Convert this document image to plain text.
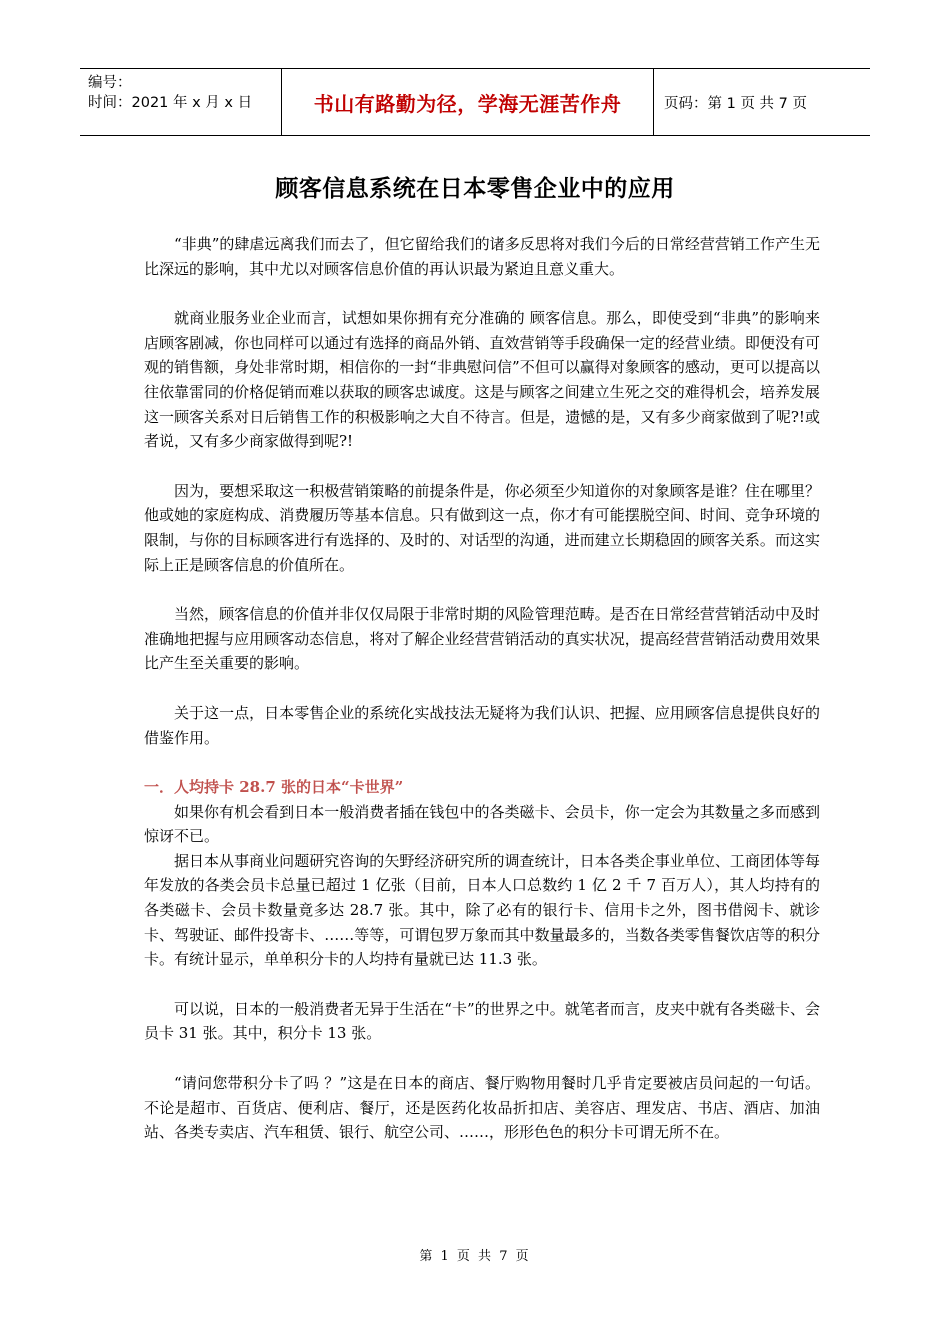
编号：
时间：2021 年 x 月 x 日	书山有路勤为径，学海无涯苦作舟	页码：第 1 页 共 7 页
顾客信息系统在日本零售企业中的应用

“非典”的肆虐远离我们而去了，但它留给我们的诸多反思将对我们今后的日常经营营销工作产生无比深远的影响，其中尤以对顾客信息价值的再认识最为紧迫且意义重大。

就商业服务业企业而言，试想如果你拥有充分准确的 顾客信息。那么，即使受到“非典”的影响来店顾客剧减，你也同样可以通过有选择的商品外销、直效营销等手段确保一定的经营业绩。即便没有可观的销售额，身处非常时期，相信你的一封“非典慰问信”不但可以赢得对象顾客的感动，更可以提高以往依靠雷同的价格促销而难以获取的顾客忠诚度。这是与顾客之间建立生死之交的难得机会，培养发展这一顾客关系对日后销售工作的积极影响之大自不待言。但是，遗憾的是，又有多少商家做到了呢?!或者说，又有多少商家做得到呢?!

因为，要想采取这一积极营销策略的前提条件是，你必须至少知道你的对象顾客是谁？住在哪里？他或她的家庭构成、消费履历等基本信息。只有做到这一点，你才有可能摆脱空间、时间、竞争环境的限制，与你的目标顾客进行有选择的、及时的、对话型的沟通，进而建立长期稳固的顾客关系。而这实际上正是顾客信息的价值所在。

当然，顾客信息的价值并非仅仅局限于非常时期的风险管理范畴。是否在日常经营营销活动中及时准确地把握与应用顾客动态信息，将对了解企业经营营销活动的真实状况，提高经营营销活动费用效果比产生至关重要的影响。

关于这一点，日本零售企业的系统化实战技法无疑将为我们认识、把握、应用顾客信息提供良好的借鉴作用。

一．人均持卡 28.7 张的日本“卡世界”

如果你有机会看到日本一般消费者插在钱包中的各类磁卡、会员卡，你一定会为其数量之多而感到惊讶不已。

据日本从事商业问题研究咨询的矢野经济研究所的调查统计，日本各类企事业单位、工商团体等每年发放的各类会员卡总量已超过 1 亿张（目前，日本人口总数约 1 亿 2 千 7 百万人），其人均持有的各类磁卡、会员卡数量竟多达 28.7 张。其中，除了必有的银行卡、信用卡之外，图书借阅卡、就诊卡、驾驶证、邮件投寄卡、……等等，可谓包罗万象而其中数量最多的，当数各类零售餐饮店等的积分卡。有统计显示，单单积分卡的人均持有量就已达 11.3 张。

可以说，日本的一般消费者无异于生活在“卡”的世界之中。就笔者而言，皮夹中就有各类磁卡、会员卡 31 张。其中，积分卡 13 张。

“请问您带积分卡了吗 ？”这是在日本的商店、餐厅购物用餐时几乎肯定要被店员问起的一句话。不论是超市、百货店、便利店、餐厅，还是医药化妆品折扣店、美容店、理发店、书店、酒店、加油站、各类专卖店、汽车租赁、银行、航空公司、……，形形色色的积分卡可谓无所不在。

第 1 页 共 7 页
